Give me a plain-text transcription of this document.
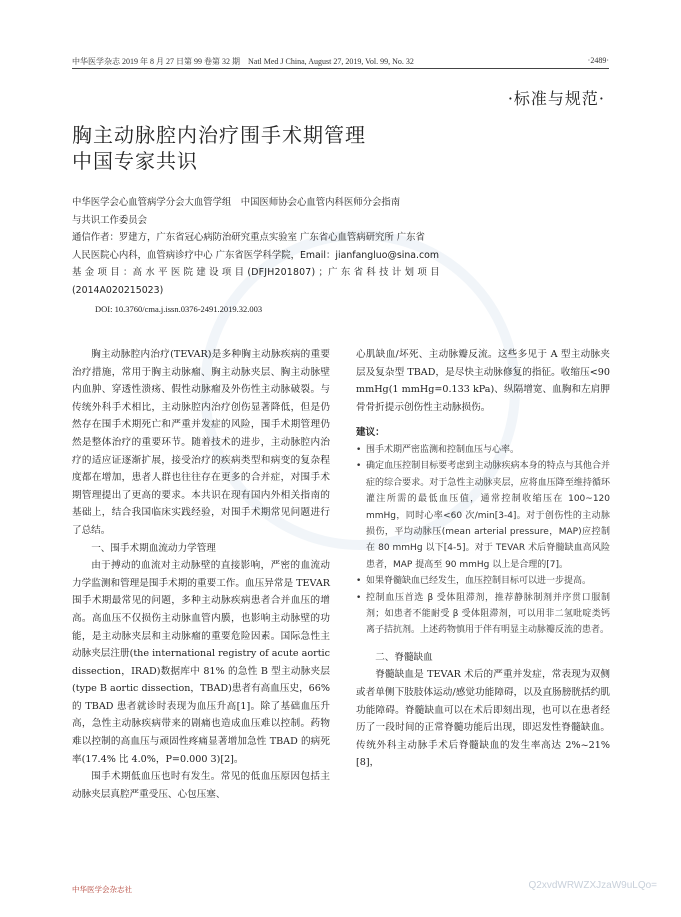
中华医学杂志 2019 年 8 月 27 日第 99 卷第 32 期　Natl Med J China, August 27, 2019, Vol. 99, No. 32	·2489·
·标准与规范·
胸主动脉腔内治疗围手术期管理
中国专家共识
中华医学会心血管病学分会大血管学组　中国医师协会心血管内科医师分会指南
与共识工作委员会
通信作者：罗建方，广东省冠心病防治研究重点实验室 广东省心血管病研究所 广东省
人民医院心内科，血管病诊疗中心 广东省医学科学院，Email：jianfangluo@sina.com
基 金 项 目 ：高 水 平 医 院 建 设 项 目 (DFJH201807) ；广 东 省 科 技 计 划 项 目
(2014A020215023)
DOI: 10.3760/cma.j.issn.0376-2491.2019.32.003

胸主动脉腔内治疗(TEVAR)是多种胸主动脉疾病的重要治疗措施，常用于胸主动脉瘤、胸主动脉夹层、胸主动脉壁内血肿、穿透性溃疡、假性动脉瘤及外伤性主动脉破裂。与传统外科手术相比，主动脉腔内治疗创伤显著降低，但是仍然存在围手术期死亡和严重并发症的风险，围手术期管理仍然是整体治疗的重要环节。随着技术的进步，主动脉腔内治疗的适应证逐渐扩展，接受治疗的疾病类型和病变的复杂程度都在增加，患者人群也往往存在更多的合并症，对围手术期管理提出了更高的要求。本共识在现有国内外相关指南的基础上，结合我国临床实践经验，对围手术期常见问题进行了总结。

一、围手术期血流动力学管理

由于搏动的血流对主动脉壁的直接影响，严密的血流动力学监测和管理是围手术期的重要工作。血压异常是 TEVAR 围手术期最常见的问题，多种主动脉疾病患者合并血压的增高。高血压不仅损伤主动脉血管内膜，也影响主动脉壁的功能，是主动脉夹层和主动脉瘤的重要危险因素。国际急性主动脉夹层注册(the international registry of acute aortic dissection，IRAD)数据库中 81% 的急性 B 型主动脉夹层(type B aortic dissection，TBAD)患者有高血压史，66% 的 TBAD 患者就诊时表现为血压升高[1]。除了基础血压升高，急性主动脉疾病带来的剧痛也造成血压难以控制。药物难以控制的高血压与顽固性疼痛显著增加急性 TBAD 的病死率(17.4% 比 4.0%，P=0.000 3)[2]。

围手术期低血压也时有发生。常见的低血压原因包括主动脉夹层真腔严重受压、心包压塞、

心肌缺血/坏死、主动脉瓣反流。这些多见于 A 型主动脉夹层及复杂型 TBAD，是尽快主动脉修复的指征。收缩压<90 mmHg(1 mmHg=0.133 kPa)、纵隔增宽、血胸和左肩胛骨骨折提示创伤性主动脉损伤。

建议：
• 围手术期严密监测和控制血压与心率。
• 确定血压控制目标要考虑到主动脉疾病本身的特点与其他合并症的综合要求。对于急性主动脉夹层，应将血压降至维持循环灌注所需的最低血压值，通常控制收缩压在 100~120 mmHg，同时心率<60 次/min[3-4]。对于创伤性的主动脉损伤，平均动脉压(mean arterial pressure，MAP)应控制在 80 mmHg 以下[4-5]。对于 TEVAR 术后脊髓缺血高风险患者，MAP 提高至 90 mmHg 以上是合理的[7]。
• 如果脊髓缺血已经发生，血压控制目标可以进一步提高。
• 控制血压首选 β 受体阻滞剂，推荐静脉制剂并序贯口服制剂；如患者不能耐受 β 受体阻滞剂，可以用非二氢吡啶类钙离子拮抗剂。上述药物慎用于伴有明显主动脉瓣反流的患者。

二、脊髓缺血

脊髓缺血是 TEVAR 术后的严重并发症，常表现为双侧或者单侧下肢肢体运动/感觉功能障碍，以及直肠膀胱括约肌功能障碍。脊髓缺血可以在术后即刻出现，也可以在患者经历了一段时间的正常脊髓功能后出现，即迟发性脊髓缺血。传统外科主动脉手术后脊髓缺血的发生率高达 2%~21%[8]，

中华医学会杂志社	Q2xvdWRWZXJzaW9uLQo=
